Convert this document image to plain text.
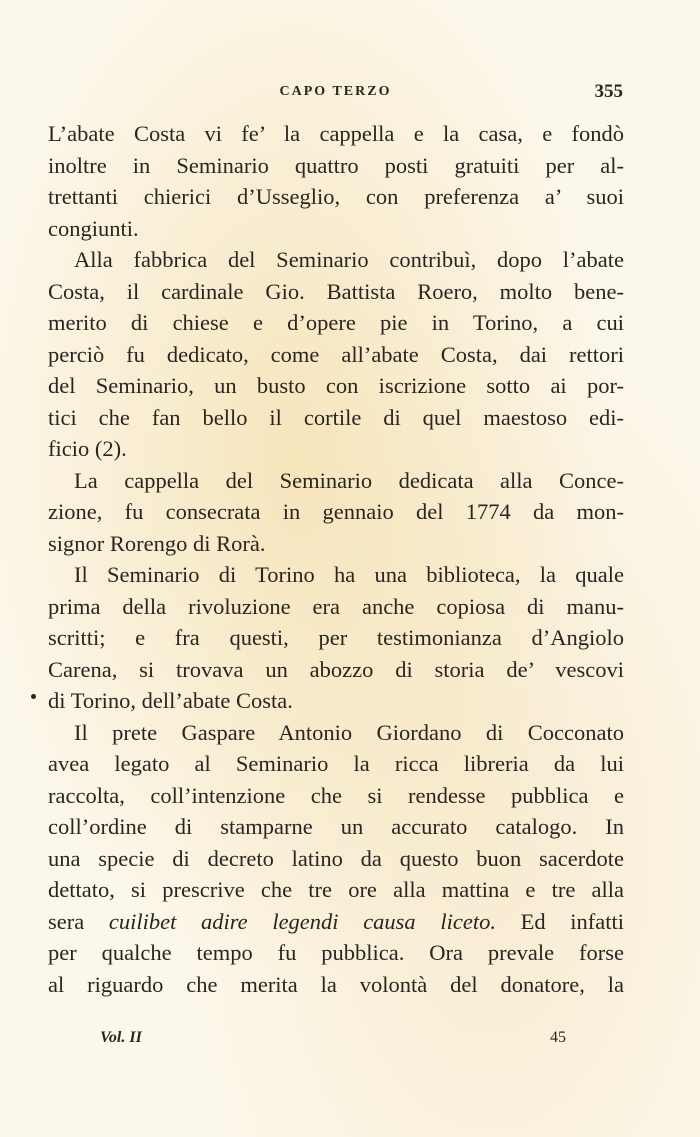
CAPO TERZO	355
L’abate Costa vi fe’ la cappella e la casa, e fondò
inoltre in Seminario quattro posti gratuiti per al-
trettanti chierici d’Usseglio, con preferenza a’ suoi
congiunti.
Alla fabbrica del Seminario contribuì, dopo l’abate
Costa, il cardinale Gio. Battista Roero, molto bene-
merito di chiese e d’opere pie in Torino, a cui
perciò fu dedicato, come all’abate Costa, dai rettori
del Seminario, un busto con iscrizione sotto ai por-
tici che fan bello il cortile di quel maestoso edi-
ficio (2).
La cappella del Seminario dedicata alla Conce-
zione, fu consecrata in gennaio del 1774 da mon-
signor Rorengo di Rorà.
Il Seminario di Torino ha una biblioteca, la quale
prima della rivoluzione era anche copiosa di manu-
scritti; e fra questi, per testimonianza d’Angiolo
Carena, si trovava un abozzo di storia de’ vescovi
di Torino, dell’abate Costa.
Il prete Gaspare Antonio Giordano di Cocconato
avea legato al Seminario la ricca libreria da lui
raccolta, coll’intenzione che si rendesse pubblica e
coll’ordine di stamparne un accurato catalogo. In
una specie di decreto latino da questo buon sacerdote
dettato, si prescrive che tre ore alla mattina e tre alla
sera cuilibet adire legendi causa liceto. Ed infatti
per qualche tempo fu pubblica. Ora prevale forse
al riguardo che merita la volontà del donatore, la
Vol. II	45
